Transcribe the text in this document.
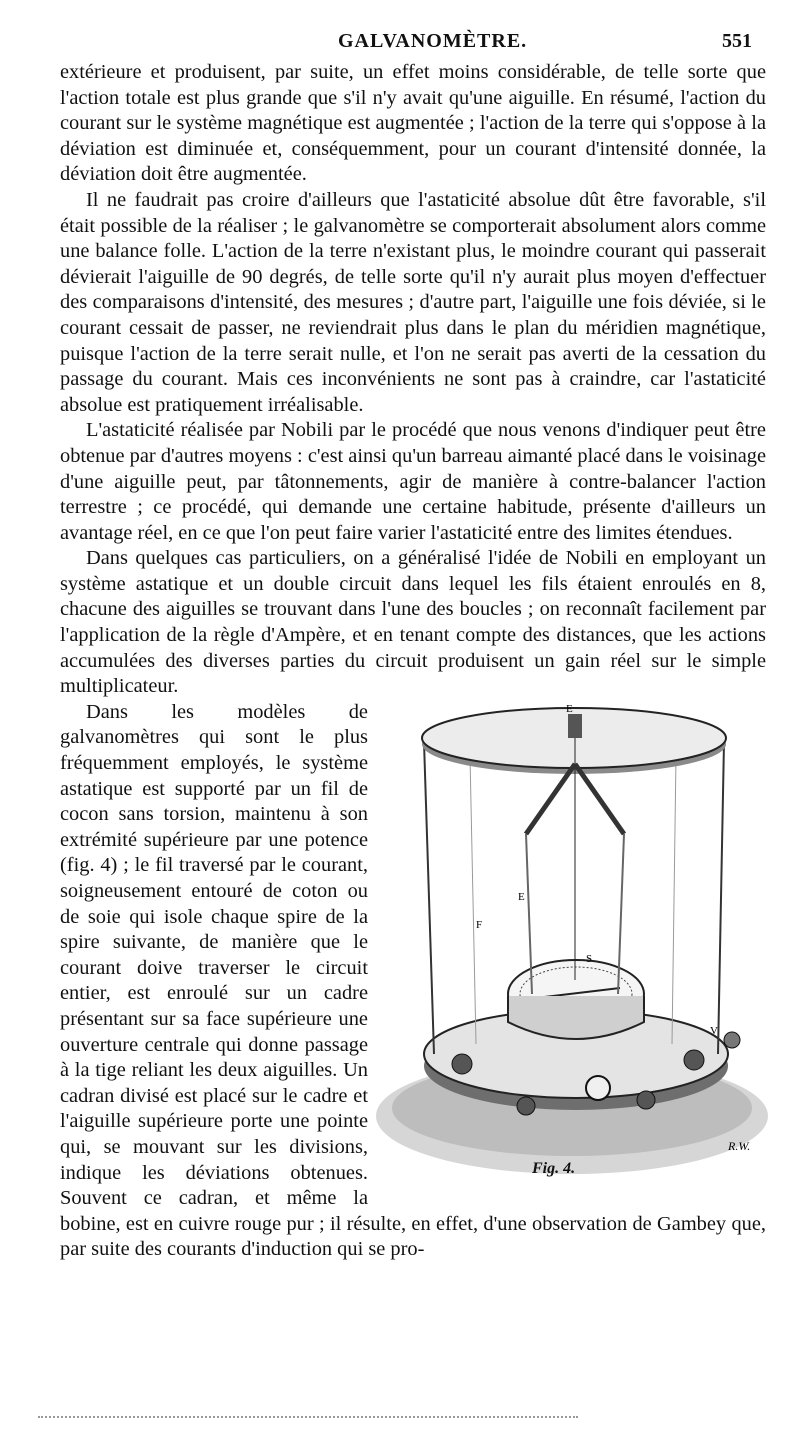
GALVANOMÈTRE.	551

extérieure et produisent, par suite, un effet moins considérable, de telle sorte que l'action totale est plus grande que s'il n'y avait qu'une aiguille. En résumé, l'action du courant sur le système magnétique est augmentée ; l'action de la terre qui s'oppose à la déviation est diminuée et, conséquemment, pour un courant d'intensité donnée, la déviation doit être augmentée.

Il ne faudrait pas croire d'ailleurs que l'astaticité absolue dût être favorable, s'il était possible de la réaliser ; le galvanomètre se comporterait absolument alors comme une balance folle. L'action de la terre n'existant plus, le moindre courant qui passerait dévierait l'aiguille de 90 degrés, de telle sorte qu'il n'y aurait plus moyen d'effectuer des comparaisons d'intensité, des mesures ; d'autre part, l'aiguille une fois déviée, si le courant cessait de passer, ne reviendrait plus dans le plan du méridien magnétique, puisque l'action de la terre serait nulle, et l'on ne serait pas averti de la cessation du passage du courant. Mais ces inconvénients ne sont pas à craindre, car l'astaticité absolue est pratiquement irréalisable.

L'astaticité réalisée par Nobili par le procédé que nous venons d'indiquer peut être obtenue par d'autres moyens : c'est ainsi qu'un barreau aimanté placé dans le voisinage d'une aiguille peut, par tâtonnements, agir de manière à contre-balancer l'action terrestre ; ce procédé, qui demande une certaine habitude, présente d'ailleurs un avantage réel, en ce que l'on peut faire varier l'astaticité entre des limites étendues.

Dans quelques cas particuliers, on a généralisé l'idée de Nobili en employant un système astatique et un double circuit dans lequel les fils étaient enroulés en 8, chacune des aiguilles se trouvant dans l'une des boucles ; on reconnaît facilement par l'application de la règle d'Ampère, et en tenant compte des distances, que les actions accumulées des diverses parties du circuit produisent un gain réel sur le simple multiplicateur.

E
E
F
S
V
R.W.
Fig. 4.

Dans les modèles de galvanomètres qui sont le plus fréquemment employés, le système astatique est supporté par un fil de cocon sans torsion, maintenu à son extrémité supérieure par une potence (fig. 4) ; le fil traversé par le courant, soigneusement entouré de coton ou de soie qui isole chaque spire de la spire suivante, de manière que le courant doive traverser le circuit entier, est enroulé sur un cadre présentant sur sa face supérieure une ouverture centrale qui donne passage à la tige reliant les deux aiguilles. Un cadran divisé est placé sur le cadre et l'aiguille supérieure porte une pointe qui, se mouvant sur les divisions, indique les déviations obtenues. Souvent ce cadran, et même la bobine, est en cuivre rouge pur ; il résulte, en effet, d'une observation de Gambey que, par suite des courants d'induction qui se pro-
